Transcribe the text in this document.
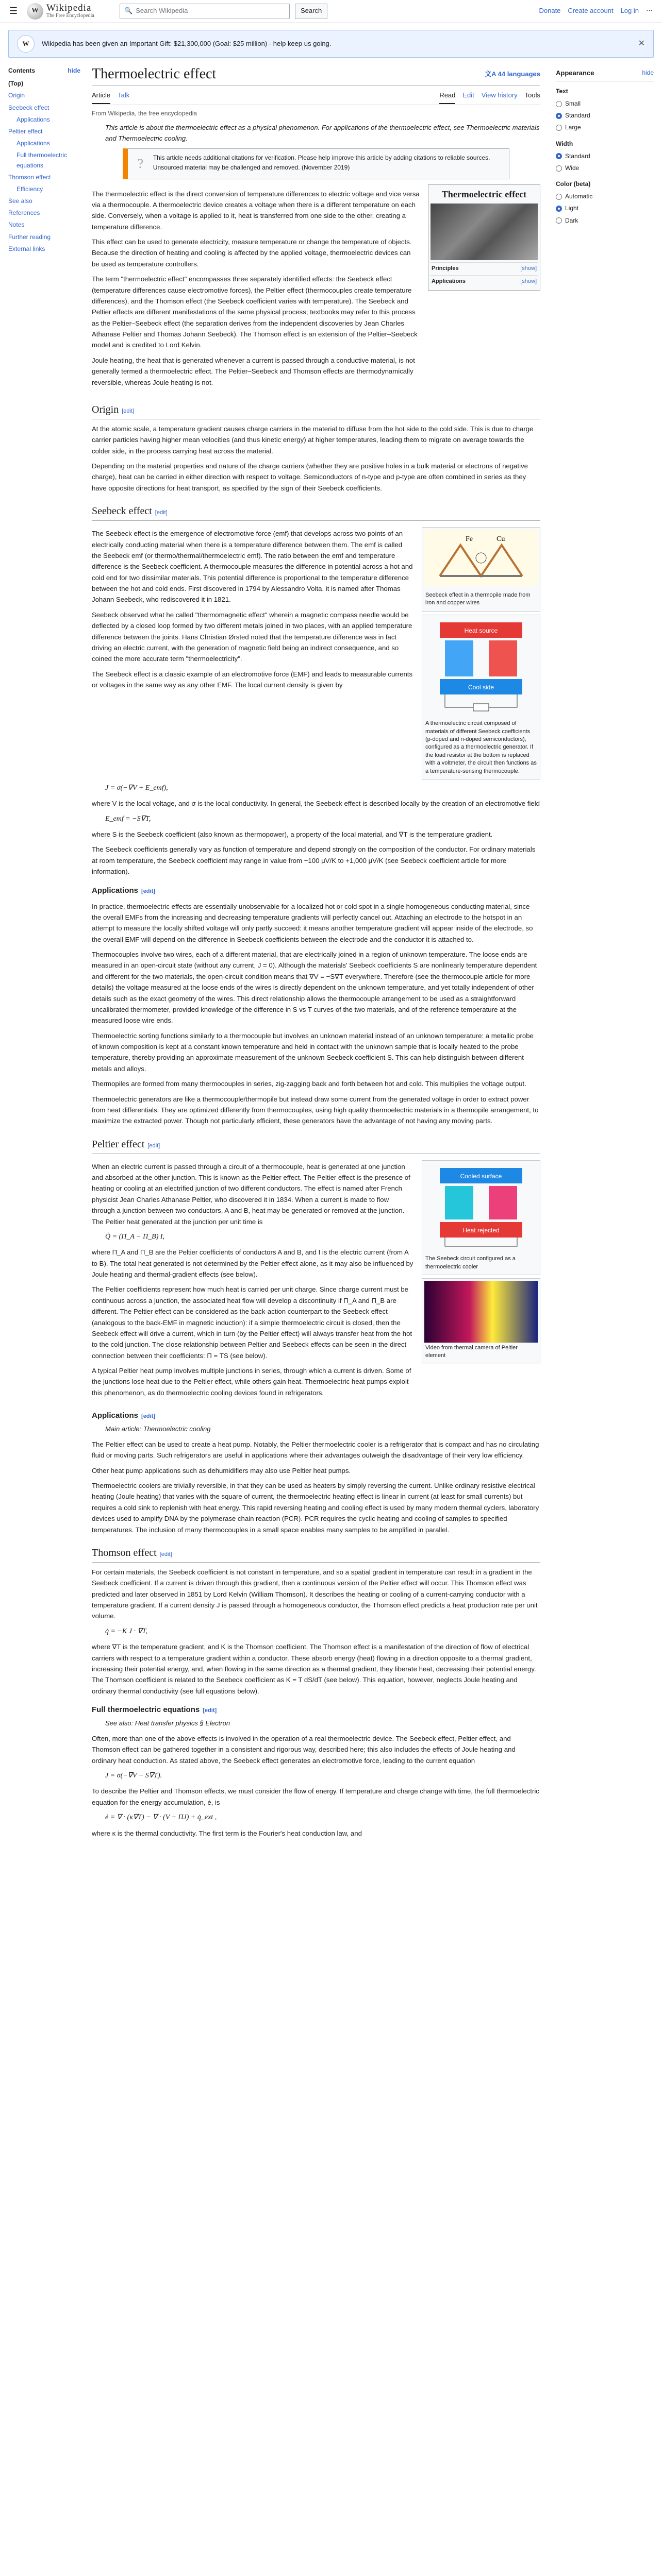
☰	W Wikipedia
The Free Encyclopedia
🔍 Search Wikipedia	Search	Donate Create account Log in ⋯
W	Wikipedia has been given an Important Gift: $21,300,000 (Goal: $25 million) - help keep us going.	✕
Contents	hide
(Top)
Origin
Seebeck effect
Applications
Peltier effect
Applications
Full thermoelectric equations
Thomson effect
Efficiency
See also
References
Notes
Further reading
External links
Thermoelectric effect	文A 44 languages
Article Talk	Read Edit View history Tools
From Wikipedia, the free encyclopedia
This article is about the thermoelectric effect as a physical phenomenon. For applications of the thermoelectric effect, see Thermoelectric materials and Thermoelectric cooling.
?	This article needs additional citations for verification. Please help improve this article by adding citations to reliable sources. Unsourced material may be challenged and removed. (November 2019)

The thermoelectric effect is the direct conversion of temperature differences to electric voltage and vice versa via a thermocouple. A thermoelectric device creates a voltage when there is a different temperature on each side. Conversely, when a voltage is applied to it, heat is transferred from one side to the other, creating a temperature difference.

This effect can be used to generate electricity, measure temperature or change the temperature of objects. Because the direction of heating and cooling is affected by the applied voltage, thermoelectric devices can be used as temperature controllers.

The term "thermoelectric effect" encompasses three separately identified effects: the Seebeck effect (temperature differences cause electromotive forces), the Peltier effect (thermocouples create temperature differences), and the Thomson effect (the Seebeck coefficient varies with temperature). The Seebeck and Peltier effects are different manifestations of the same physical process; textbooks may refer to this process as the Peltier–Seebeck effect (the separation derives from the independent discoveries by Jean Charles Athanase Peltier and Thomas Johann Seebeck). The Thomson effect is an extension of the Peltier–Seebeck model and is credited to Lord Kelvin.

Joule heating, the heat that is generated whenever a current is passed through a conductive material, is not generally termed a thermoelectric effect. The Peltier–Seebeck and Thomson effects are thermodynamically reversible, whereas Joule heating is not.

Thermoelectric effect
Principles	[show]
Applications	[show]
Origin [edit]

At the atomic scale, a temperature gradient causes charge carriers in the material to diffuse from the hot side to the cold side. This is due to charge carrier particles having higher mean velocities (and thus kinetic energy) at higher temperatures, leading them to migrate on average towards the colder side, in the process carrying heat across the material.

Depending on the material properties and nature of the charge carriers (whether they are positive holes in a bulk material or electrons of negative charge), heat can be carried in either direction with respect to voltage. Semiconductors of n-type and p-type are often combined in series as they have opposite directions for heat transport, as specified by the sign of their Seebeck coefficients.

Seebeck effect [edit]

The Seebeck effect is the emergence of electromotive force (emf) that develops across two points of an electrically conducting material when there is a temperature difference between them. The emf is called the Seebeck emf (or thermo/thermal/thermoelectric emf). The ratio between the emf and temperature difference is the Seebeck coefficient. A thermocouple measures the difference in potential across a hot and cold end for two dissimilar materials. This potential difference is proportional to the temperature difference between the hot and cold ends. First discovered in 1794 by Alessandro Volta, it is named after Thomas Johann Seebeck, who rediscovered it in 1821.

Seebeck observed what he called "thermomagnetic effect" wherein a magnetic compass needle would be deflected by a closed loop formed by two different metals joined in two places, with an applied temperature difference between the joints. Hans Christian Ørsted noted that the temperature difference was in fact driving an electric current, with the generation of magnetic field being an indirect consequence, and so coined the more accurate term "thermoelectricity".

The Seebeck effect is a classic example of an electromotive force (EMF) and leads to measurable currents or voltages in the same way as any other EMF. The local current density is given by

Fe	Cu
Seebeck effect in a thermopile made from iron and copper wires
Heat source
Cool side
A thermoelectric circuit composed of materials of different Seebeck coefficients (p-doped and n-doped semiconductors), configured as a thermoelectric generator. If the load resistor at the bottom is replaced with a voltmeter, the circuit then functions as a temperature-sensing thermocouple.
J = σ(−∇V + E_emf),

where V is the local voltage, and σ is the local conductivity. In general, the Seebeck effect is described locally by the creation of an electromotive field

E_emf = −S∇T,

where S is the Seebeck coefficient (also known as thermopower), a property of the local material, and ∇T is the temperature gradient.

The Seebeck coefficients generally vary as function of temperature and depend strongly on the composition of the conductor. For ordinary materials at room temperature, the Seebeck coefficient may range in value from −100 μV/K to +1,000 μV/K (see Seebeck coefficient article for more information).

Applications [edit]

In practice, thermoelectric effects are essentially unobservable for a localized hot or cold spot in a single homogeneous conducting material, since the overall EMFs from the increasing and decreasing temperature gradients will perfectly cancel out. Attaching an electrode to the hotspot in an attempt to measure the locally shifted voltage will only partly succeed: it means another temperature gradient will appear inside of the electrode, so the overall EMF will depend on the difference in Seebeck coefficients between the electrode and the conductor it is attached to.

Thermocouples involve two wires, each of a different material, that are electrically joined in a region of unknown temperature. The loose ends are measured in an open-circuit state (without any current, J = 0). Although the materials' Seebeck coefficients S are nonlinearly temperature dependent and different for the two materials, the open-circuit condition means that ∇V = −S∇T everywhere. Therefore (see the thermocouple article for more details) the voltage measured at the loose ends of the wires is directly dependent on the unknown temperature, and yet totally independent of other details such as the exact geometry of the wires. This direct relationship allows the thermocouple arrangement to be used as a straightforward uncalibrated thermometer, provided knowledge of the difference in S vs T curves of the two materials, and of the reference temperature at the measured loose wire ends.

Thermoelectric sorting functions similarly to a thermocouple but involves an unknown material instead of an unknown temperature: a metallic probe of known composition is kept at a constant known temperature and held in contact with the unknown sample that is locally heated to the probe temperature, thereby providing an approximate measurement of the unknown Seebeck coefficient S. This can help distinguish between different metals and alloys.

Thermopiles are formed from many thermocouples in series, zig-zagging back and forth between hot and cold. This multiplies the voltage output.

Thermoelectric generators are like a thermocouple/thermopile but instead draw some current from the generated voltage in order to extract power from heat differentials. They are optimized differently from thermocouples, using high quality thermoelectric materials in a thermopile arrangement, to maximize the extracted power. Though not particularly efficient, these generators have the advantage of not having any moving parts.

Peltier effect [edit]

When an electric current is passed through a circuit of a thermocouple, heat is generated at one junction and absorbed at the other junction. This is known as the Peltier effect. The Peltier effect is the presence of heating or cooling at an electrified junction of two different conductors. The effect is named after French physicist Jean Charles Athanase Peltier, who discovered it in 1834. When a current is made to flow through a junction between two conductors, A and B, heat may be generated or removed at the junction. The Peltier heat generated at the junction per unit time is

Q̇ = (Π_A − Π_B) I,

where Π_A and Π_B are the Peltier coefficients of conductors A and B, and I is the electric current (from A to B). The total heat generated is not determined by the Peltier effect alone, as it may also be influenced by Joule heating and thermal-gradient effects (see below).

The Peltier coefficients represent how much heat is carried per unit charge. Since charge current must be continuous across a junction, the associated heat flow will develop a discontinuity if Π_A and Π_B are different. The Peltier effect can be considered as the back-action counterpart to the Seebeck effect (analogous to the back-EMF in magnetic induction): if a simple thermoelectric circuit is closed, then the Seebeck effect will drive a current, which in turn (by the Peltier effect) will always transfer heat from the hot to the cold junction. The close relationship between Peltier and Seebeck effects can be seen in the direct connection between their coefficients: Π = TS (see below).

A typical Peltier heat pump involves multiple junctions in series, through which a current is driven. Some of the junctions lose heat due to the Peltier effect, while others gain heat. Thermoelectric heat pumps exploit this phenomenon, as do thermoelectric cooling devices found in refrigerators.

Cooled surface
Heat rejected
The Seebeck circuit configured as a thermoelectric cooler
Video from thermal camera of Peltier element
Applications [edit]
Main article: Thermoelectric cooling

The Peltier effect can be used to create a heat pump. Notably, the Peltier thermoelectric cooler is a refrigerator that is compact and has no circulating fluid or moving parts. Such refrigerators are useful in applications where their advantages outweigh the disadvantage of their very low efficiency.

Other heat pump applications such as dehumidifiers may also use Peltier heat pumps.

Thermoelectric coolers are trivially reversible, in that they can be used as heaters by simply reversing the current. Unlike ordinary resistive electrical heating (Joule heating) that varies with the square of current, the thermoelectric heating effect is linear in current (at least for small currents) but requires a cold sink to replenish with heat energy. This rapid reversing heating and cooling effect is used by many modern thermal cyclers, laboratory devices used to amplify DNA by the polymerase chain reaction (PCR). PCR requires the cyclic heating and cooling of samples to specified temperatures. The inclusion of many thermocouples in a small space enables many samples to be amplified in parallel.

Thomson effect [edit]

For certain materials, the Seebeck coefficient is not constant in temperature, and so a spatial gradient in temperature can result in a gradient in the Seebeck coefficient. If a current is driven through this gradient, then a continuous version of the Peltier effect will occur. This Thomson effect was predicted and later observed in 1851 by Lord Kelvin (William Thomson). It describes the heating or cooling of a current-carrying conductor with a temperature gradient. If a current density J is passed through a homogeneous conductor, the Thomson effect predicts a heat production rate per unit volume.

q̇ = −K J · ∇T,

where ∇T is the temperature gradient, and K is the Thomson coefficient. The Thomson effect is a manifestation of the direction of flow of electrical carriers with respect to a temperature gradient within a conductor. These absorb energy (heat) flowing in a direction opposite to a thermal gradient, increasing their potential energy, and, when flowing in the same direction as a thermal gradient, they liberate heat, decreasing their potential energy. The Thomson coefficient is related to the Seebeck coefficient as K = T dS/dT (see below). This equation, however, neglects Joule heating and ordinary thermal conductivity (see full equations below).

Full thermoelectric equations [edit]
See also: Heat transfer physics § Electron

Often, more than one of the above effects is involved in the operation of a real thermoelectric device. The Seebeck effect, Peltier effect, and Thomson effect can be gathered together in a consistent and rigorous way, described here; this also includes the effects of Joule heating and ordinary heat conduction. As stated above, the Seebeck effect generates an electromotive force, leading to the current equation

J = σ(−∇V − S∇T).

To describe the Peltier and Thomson effects, we must consider the flow of energy. If temperature and charge change with time, the full thermoelectric equation for the energy accumulation, ė, is

ė = ∇ · (κ∇T) − ∇ · (V + ΠJ) + q̇_ext ,

where κ is the thermal conductivity. The first term is the Fourier's heat conduction law, and

Appearance	hide
Text
Small
Standard
Large
Width
Standard
Wide
Color (beta)
Automatic
Light
Dark
